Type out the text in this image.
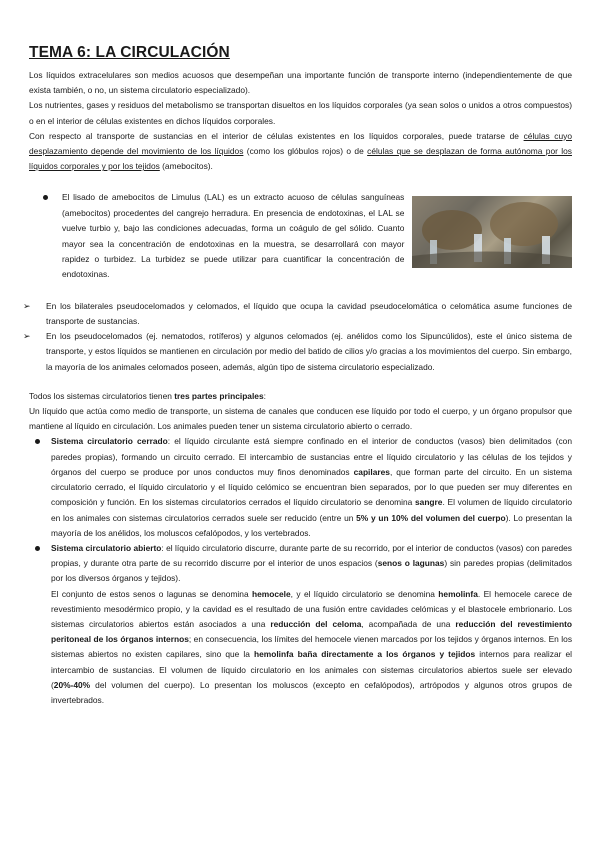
TEMA 6: LA CIRCULACIÓN

Los líquidos extracelulares son medios acuosos que desempeñan una importante función de transporte interno (independientemente de que exista también, o no, un sistema circulatorio especializado).

Los nutrientes, gases y residuos del metabolismo se transportan disueltos en los líquidos corporales (ya sean solos o unidos a otros compuestos) o en el interior de células existentes en dichos líquidos corporales.

Con respecto al transporte de sustancias en el interior de células existentes en los líquidos corporales, puede tratarse de células cuyo desplazamiento depende del movimiento de los líquidos (como los glóbulos rojos) o de células que se desplazan de forma autónoma por los líquidos corporales y por los tejidos (amebocitos).

El lisado de amebocitos de Limulus (LAL) es un extracto acuoso de células sanguíneas (amebocitos) procedentes del cangrejo herradura. En presencia de endotoxinas, el LAL se vuelve turbio y, bajo las condiciones adecuadas, forma un coágulo de gel sólido. Cuanto mayor sea la concentración de endotoxinas en la muestra, se desarrollará con mayor rapidez o turbidez. La turbidez se puede utilizar para cuantificar la concentración de endotoxinas.

➢ En los bilaterales pseudocelomados y celomados, el líquido que ocupa la cavidad pseudocelomática o celomática asume funciones de transporte de sustancias.

➢ En los pseudocelomados (ej. nematodos, rotíferos) y algunos celomados (ej. anélidos como los Sipuncúlidos), este el único sistema de transporte, y estos líquidos se mantienen en circulación por medio del batido de cilios y/o gracias a los movimientos del cuerpo. Sin embargo, la mayoría de los animales celomados poseen, además, algún tipo de sistema circulatorio especializado.

Todos los sistemas circulatorios tienen tres partes principales:

Un líquido que actúa como medio de transporte, un sistema de canales que conducen ese líquido por todo el cuerpo, y un órgano propulsor que mantiene al líquido en circulación. Los animales pueden tener un sistema circulatorio abierto o cerrado.

Sistema circulatorio cerrado: el líquido circulante está siempre confinado en el interior de conductos (vasos) bien delimitados (con paredes propias), formando un circuito cerrado. El intercambio de sustancias entre el líquido circulatorio y las células de los tejidos y órganos del cuerpo se produce por unos conductos muy finos denominados capilares, que forman parte del circuito. En un sistema circulatorio cerrado, el líquido circulatorio y el líquido celómico se encuentran bien separados, por lo que pueden ser muy diferentes en composición y función. En los sistemas circulatorios cerrados el líquido circulatorio se denomina sangre. El volumen de líquido circulatorio en los animales con sistemas circulatorios cerrados suele ser reducido (entre un 5% y un 10% del volumen del cuerpo). Lo presentan la mayoría de los anélidos, los moluscos cefalópodos, y los vertebrados.

Sistema circulatorio abierto: el líquido circulatorio discurre, durante parte de su recorrido, por el interior de conductos (vasos) con paredes propias, y durante otra parte de su recorrido discurre por el interior de unos espacios (senos o lagunas) sin paredes propias (delimitados por los diversos órganos y tejidos).

El conjunto de estos senos o lagunas se denomina hemocele, y el líquido circulatorio se denomina hemolinfa. El hemocele carece de revestimiento mesodérmico propio, y la cavidad es el resultado de una fusión entre cavidades celómicas y el blastocele embrionario. Los sistemas circulatorios abiertos están asociados a una reducción del celoma, acompañada de una reducción del revestimiento peritoneal de los órganos internos; en consecuencia, los límites del hemocele vienen marcados por los tejidos y órganos internos. En los sistemas abiertos no existen capilares, sino que la hemolinfa baña directamente a los órganos y tejidos internos para realizar el intercambio de sustancias. El volumen de líquido circulatorio en los animales con sistemas circulatorios abiertos suele ser elevado (20%-40% del volumen del cuerpo). Lo presentan los moluscos (excepto en cefalópodos), artrópodos y algunos otros grupos de invertebrados.
